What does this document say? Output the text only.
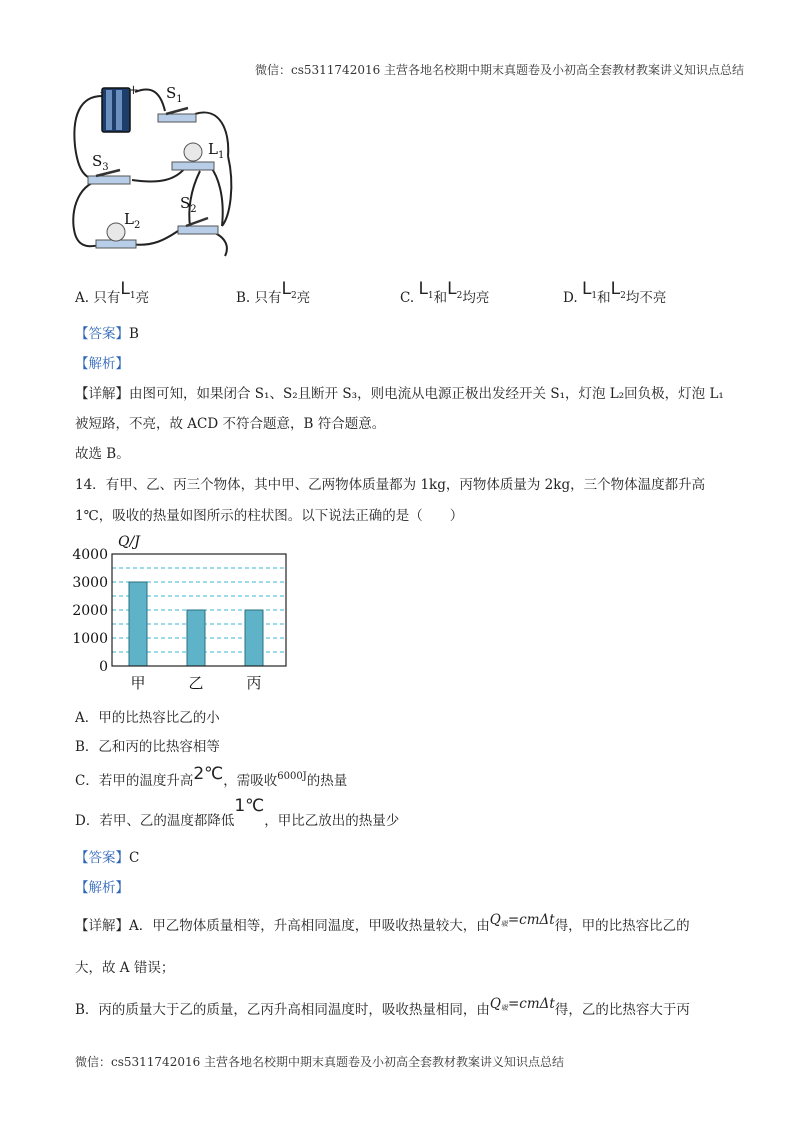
微信：cs5311742016 主营各地名校期中期末真题卷及小初高全套教材教案讲义知识点总结
- + $S_1$
$L_1$
$S_3$
$S_2$
$L_2$
A. 只有$L_1$亮	B. 只有$L_2$亮	C. $L_1$和$L_2$均亮	D. $L_1$和$L_2$均不亮
【答案】B
【解析】
【详解】由图可知，如果闭合 S₁、S₂且断开 S₃，则电流从电源正极出发经开关 S₁，灯泡 L₂回负极，灯泡 L₁
被短路，不亮，故 ACD 不符合题意，B 符合题意。
故选 B。
14．有甲、乙、丙三个物体，其中甲、乙两物体质量都为 1kg，丙物体质量为 2kg，三个物体温度都升高
1℃，吸收的热量如图所示的柱状图。以下说法正确的是（　　）
Q/J
0
1000
2000
3000
4000
甲	乙	丙
A．甲的比热容比乙的小
B．乙和丙的比热容相等
C．若甲的温度升高2℃，需吸收$^{6000J}$的热量
D．若甲、乙的温度都降低1℃，甲比乙放出的热量少
【答案】C
【解析】
【详解】A．甲乙物体质量相等，升高相同温度，甲吸收热量较大，由$Q_吸=cm\Delta t$得，甲的比热容比乙的
大，故 A 错误；
B．丙的质量大于乙的质量，乙丙升高相同温度时，吸收热量相同，由$Q_吸=cm\Delta t$得，乙的比热容大于丙
微信：cs5311742016 主营各地名校期中期末真题卷及小初高全套教材教案讲义知识点总结
